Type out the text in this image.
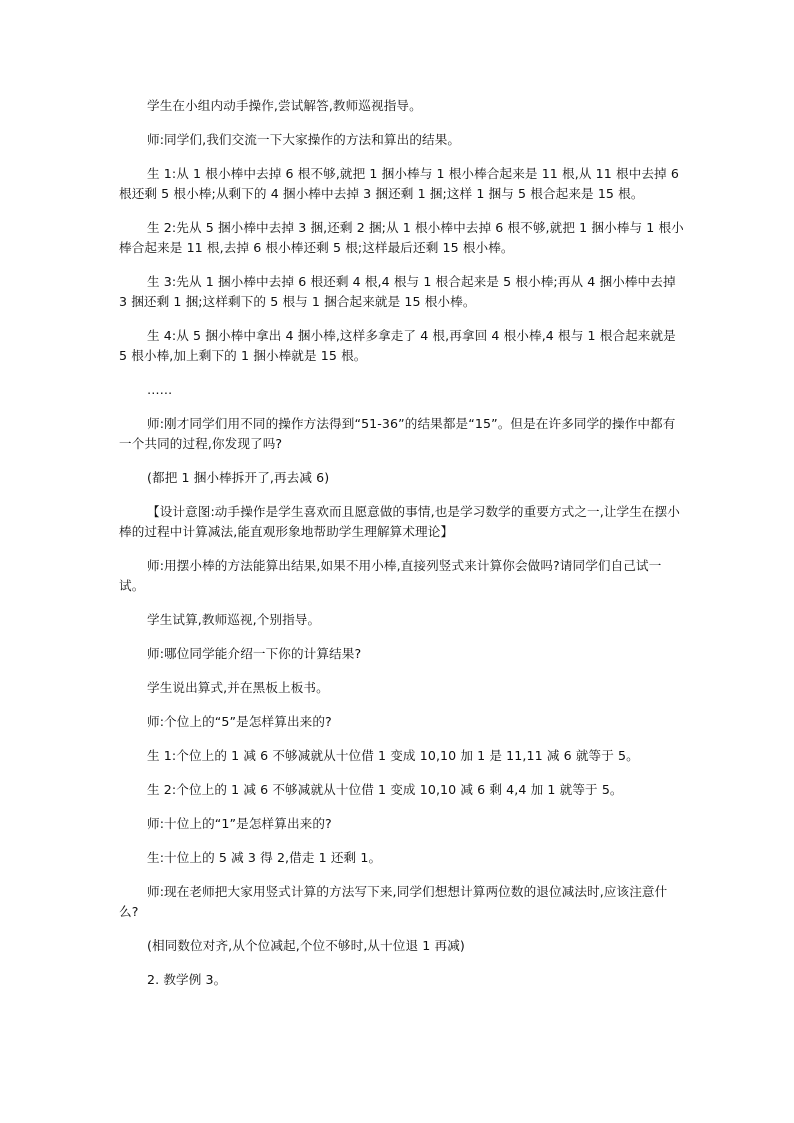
学生在小组内动手操作,尝试解答,教师巡视指导。

师:同学们,我们交流一下大家操作的方法和算出的结果。

生 1:从 1 根小棒中去掉 6 根不够,就把 1 捆小棒与 1 根小棒合起来是 11 根,从 11 根中去掉 6 根还剩 5 根小棒;从剩下的 4 捆小棒中去掉 3 捆还剩 1 捆;这样 1 捆与 5 根合起来是 15 根。

生 2:先从 5 捆小棒中去掉 3 捆,还剩 2 捆;从 1 根小棒中去掉 6 根不够,就把 1 捆小棒与 1 根小棒合起来是 11 根,去掉 6 根小棒还剩 5 根;这样最后还剩 15 根小棒。

生 3:先从 1 捆小棒中去掉 6 根还剩 4 根,4 根与 1 根合起来是 5 根小棒;再从 4 捆小棒中去掉 3 捆还剩 1 捆;这样剩下的 5 根与 1 捆合起来就是 15 根小棒。

生 4:从 5 捆小棒中拿出 4 捆小棒,这样多拿走了 4 根,再拿回 4 根小棒,4 根与 1 根合起来就是 5 根小棒,加上剩下的 1 捆小棒就是 15 根。

……

师:刚才同学们用不同的操作方法得到“51-36”的结果都是“15”。但是在许多同学的操作中都有一个共同的过程,你发现了吗?

(都把 1 捆小棒拆开了,再去减 6)

【设计意图:动手操作是学生喜欢而且愿意做的事情,也是学习数学的重要方式之一,让学生在摆小棒的过程中计算减法,能直观形象地帮助学生理解算术理论】

师:用摆小棒的方法能算出结果,如果不用小棒,直接列竖式来计算你会做吗?请同学们自己试一试。

学生试算,教师巡视,个别指导。

师:哪位同学能介绍一下你的计算结果?

学生说出算式,并在黑板上板书。

师:个位上的“5”是怎样算出来的?

生 1:个位上的 1 减 6 不够减就从十位借 1 变成 10,10 加 1 是 11,11 减 6 就等于 5。

生 2:个位上的 1 减 6 不够减就从十位借 1 变成 10,10 减 6 剩 4,4 加 1 就等于 5。

师:十位上的“1”是怎样算出来的?

生:十位上的 5 减 3 得 2,借走 1 还剩 1。

师:现在老师把大家用竖式计算的方法写下来,同学们想想计算两位数的退位减法时,应该注意什么?

(相同数位对齐,从个位减起,个位不够时,从十位退 1 再减)

2. 教学例 3。
